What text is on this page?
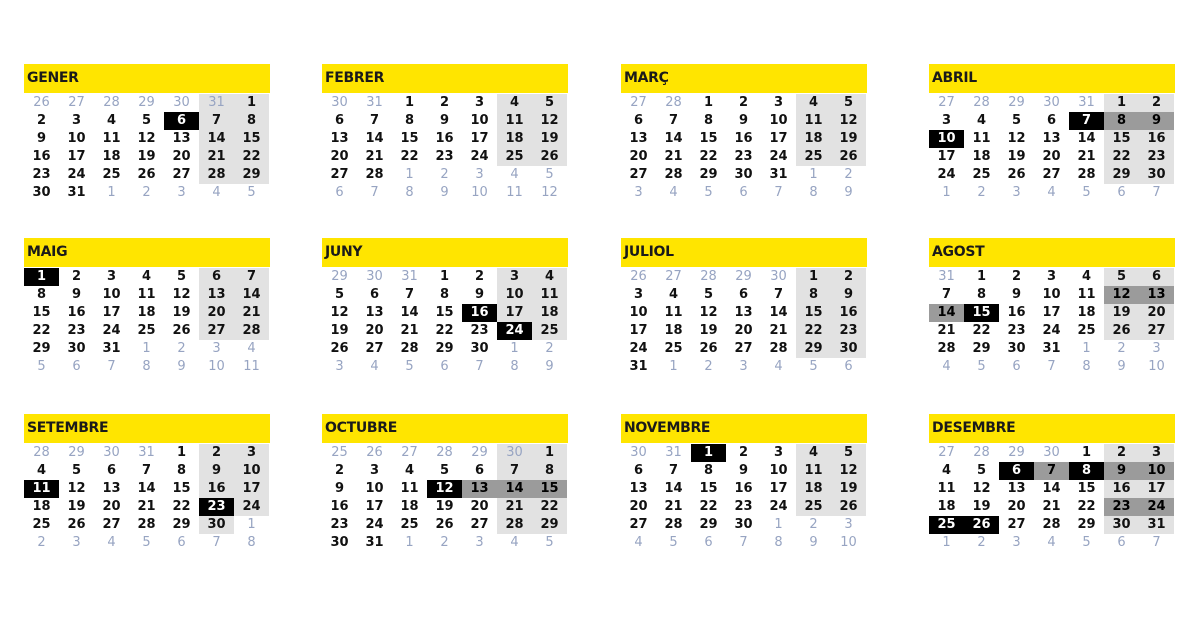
GENER
26	27	28	29	30	31	1
2	3	4	5	6	7	8
9	10	11	12	13	14	15
16	17	18	19	20	21	22
23	24	25	26	27	28	29
30	31	1	2	3	4	5
FEBRER
30	31	1	2	3	4	5
6	7	8	9	10	11	12
13	14	15	16	17	18	19
20	21	22	23	24	25	26
27	28	1	2	3	4	5
6	7	8	9	10	11	12
MARÇ
27	28	1	2	3	4	5
6	7	8	9	10	11	12
13	14	15	16	17	18	19
20	21	22	23	24	25	26
27	28	29	30	31	1	2
3	4	5	6	7	8	9
ABRIL
27	28	29	30	31	1	2
3	4	5	6	7	8	9
10	11	12	13	14	15	16
17	18	19	20	21	22	23
24	25	26	27	28	29	30
1	2	3	4	5	6	7
MAIG
1	2	3	4	5	6	7
8	9	10	11	12	13	14
15	16	17	18	19	20	21
22	23	24	25	26	27	28
29	30	31	1	2	3	4
5	6	7	8	9	10	11
JUNY
29	30	31	1	2	3	4
5	6	7	8	9	10	11
12	13	14	15	16	17	18
19	20	21	22	23	24	25
26	27	28	29	30	1	2
3	4	5	6	7	8	9
JULIOL
26	27	28	29	30	1	2
3	4	5	6	7	8	9
10	11	12	13	14	15	16
17	18	19	20	21	22	23
24	25	26	27	28	29	30
31	1	2	3	4	5	6
AGOST
31	1	2	3	4	5	6
7	8	9	10	11	12	13
14	15	16	17	18	19	20
21	22	23	24	25	26	27
28	29	30	31	1	2	3
4	5	6	7	8	9	10
SETEMBRE
28	29	30	31	1	2	3
4	5	6	7	8	9	10
11	12	13	14	15	16	17
18	19	20	21	22	23	24
25	26	27	28	29	30	1
2	3	4	5	6	7	8
OCTUBRE
25	26	27	28	29	30	1
2	3	4	5	6	7	8
9	10	11	12	13	14	15
16	17	18	19	20	21	22
23	24	25	26	27	28	29
30	31	1	2	3	4	5
NOVEMBRE
30	31	1	2	3	4	5
6	7	8	9	10	11	12
13	14	15	16	17	18	19
20	21	22	23	24	25	26
27	28	29	30	1	2	3
4	5	6	7	8	9	10
DESEMBRE
27	28	29	30	1	2	3
4	5	6	7	8	9	10
11	12	13	14	15	16	17
18	19	20	21	22	23	24
25	26	27	28	29	30	31
1	2	3	4	5	6	7
